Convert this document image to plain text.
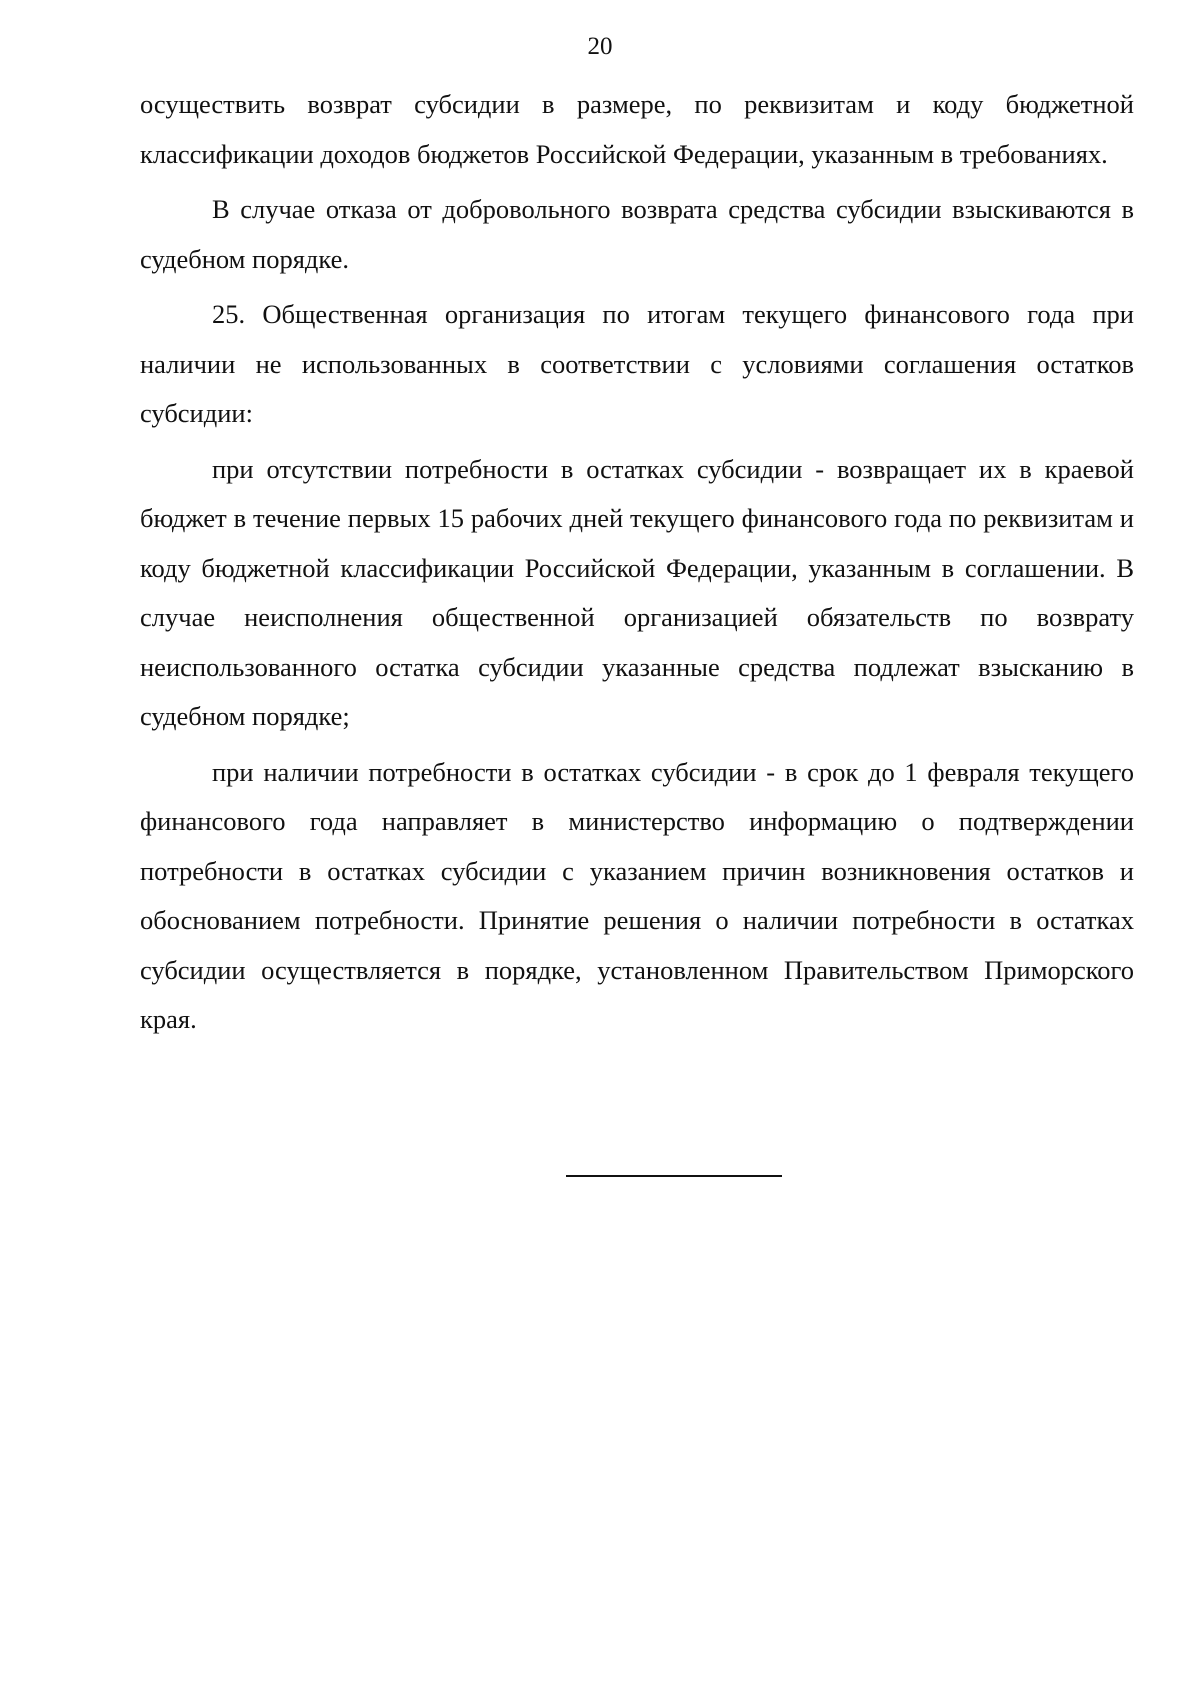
20

осуществить возврат субсидии в размере, по реквизитам и коду бюджетной классификации доходов бюджетов Российской Федерации, указанным в требованиях.

В случае отказа от добровольного возврата средства субсидии взыскиваются в судебном порядке.

25. Общественная организация по итогам текущего финансового года при наличии не использованных в соответствии с условиями соглашения остатков субсидии:

при отсутствии потребности в остатках субсидии - возвращает их в краевой бюджет в течение первых 15 рабочих дней текущего финансового года по реквизитам и коду бюджетной классификации Российской Федерации, указанным в соглашении. В случае неисполнения общественной организацией обязательств по возврату неиспользованного остатка субсидии указанные средства подлежат взысканию в судебном порядке;

при наличии потребности в остатках субсидии - в срок до 1 февраля текущего финансового года направляет в министерство информацию о подтверждении потребности в остатках субсидии с указанием причин возникновения остатков и обоснованием потребности. Принятие решения о наличии потребности в остатках субсидии осуществляется в порядке, установленном Правительством Приморского края.
